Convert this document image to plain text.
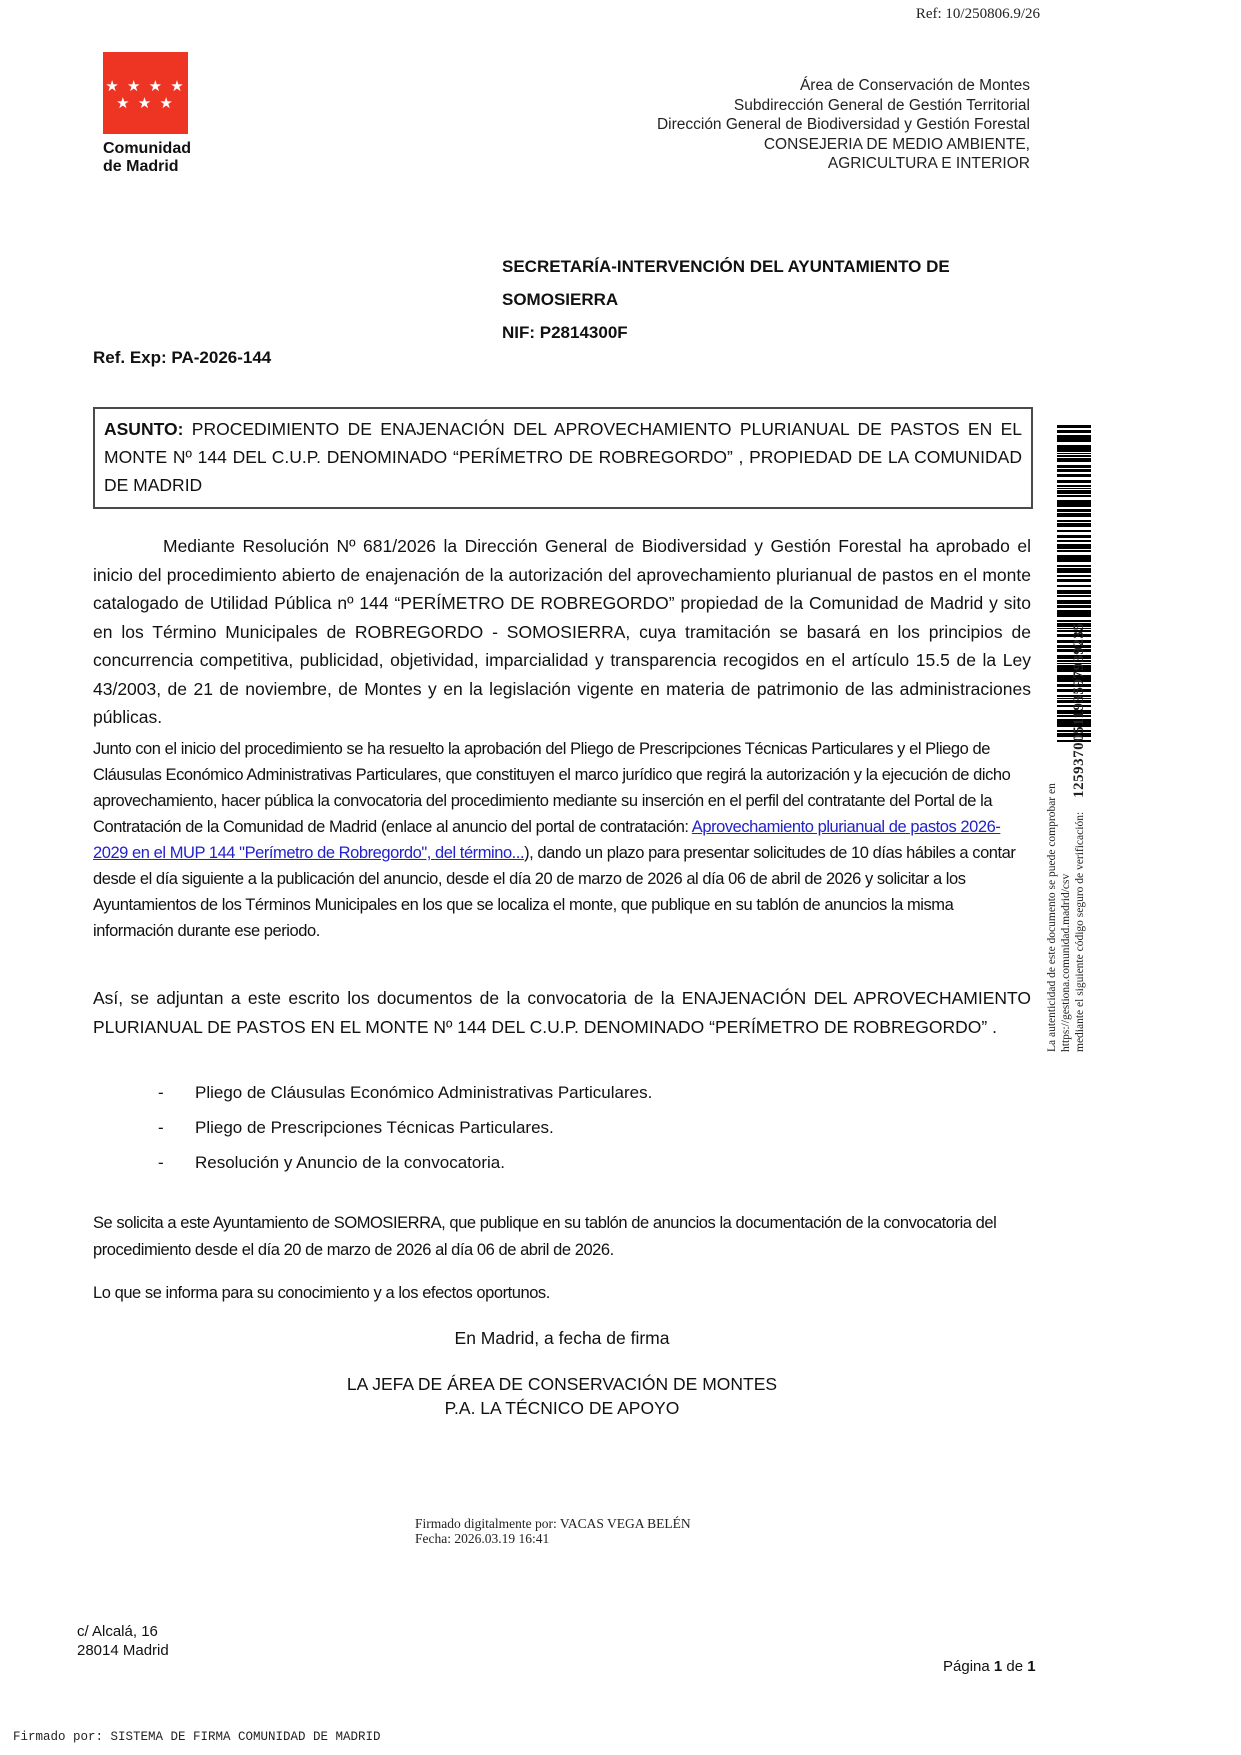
Ref: 10/250806.9/26
★ ★ ★ ★
★ ★ ★
Comunidad
de Madrid
Área de Conservación de Montes
Subdirección General de Gestión Territorial
Dirección General de Biodiversidad y Gestión Forestal
CONSEJERIA DE MEDIO AMBIENTE,
AGRICULTURA E INTERIOR
SECRETARÍA-INTERVENCIÓN DEL AYUNTAMIENTO DE
SOMOSIERRA
NIF: P2814300F
Ref. Exp: PA-2026-144
ASUNTO: PROCEDIMIENTO DE ENAJENACIÓN DEL APROVECHAMIENTO PLURIANUAL DE PASTOS EN EL MONTE Nº 144 DEL C.U.P. DENOMINADO “PERÍMETRO DE ROBREGORDO” , PROPIEDAD DE LA COMUNIDAD DE MADRID
Mediante Resolución Nº 681/2026 la Dirección General de Biodiversidad y Gestión Forestal ha aprobado el inicio del procedimiento abierto de enajenación de la autorización del aprovechamiento plurianual de pastos en el monte catalogado de Utilidad Pública nº 144 “PERÍMETRO DE ROBREGORDO” propiedad de la Comunidad de Madrid y sito en los Término Municipales de ROBREGORDO - SOMOSIERRA, cuya tramitación se basará en los principios de concurrencia competitiva, publicidad, objetividad, imparcialidad y transparencia recogidos en el artículo 15.5 de la Ley 43/2003, de 21 de noviembre, de Montes y en la legislación vigente en materia de patrimonio de las administraciones públicas.
Junto con el inicio del procedimiento se ha resuelto la aprobación del Pliego de Prescripciones Técnicas Particulares y el Pliego de Cláusulas Económico Administrativas Particulares, que constituyen el marco jurídico que regirá la autorización y la ejecución de dicho aprovechamiento, hacer pública la convocatoria del procedimiento mediante su inserción en el perfil del contratante del Portal de la Contratación de la Comunidad de Madrid (enlace al anuncio del portal de contratación: Aprovechamiento plurianual de pastos 2026-2029 en el MUP 144 "Perímetro de Robregordo", del término...), dando un plazo para presentar solicitudes de 10 días hábiles a contar desde el día siguiente a la publicación del anuncio, desde el día 20 de marzo de 2026 al día 06 de abril de 2026 y solicitar a los Ayuntamientos de los Términos Municipales en los que se localiza el monte, que publique en su tablón de anuncios la misma información durante ese periodo.
Así, se adjuntan a este escrito los documentos de la convocatoria de la ENAJENACIÓN DEL APROVECHAMIENTO PLURIANUAL DE PASTOS EN EL MONTE Nº 144 DEL C.U.P. DENOMINADO “PERÍMETRO DE ROBREGORDO” .
- Pliego de Cláusulas Económico Administrativas Particulares.
- Pliego de Prescripciones Técnicas Particulares.
- Resolución y Anuncio de la convocatoria.
Se solicita a este Ayuntamiento de SOMOSIERRA, que publique en su tablón de anuncios la documentación de la convocatoria del procedimiento desde el día 20 de marzo de 2026 al día 06 de abril de 2026.
Lo que se informa para su conocimiento y a los efectos oportunos.
En Madrid, a fecha de firma
LA JEFA DE ÁREA DE CONSERVACIÓN DE MONTES
P.A. LA TÉCNICO DE APOYO
Firmado digitalmente por: VACAS VEGA BELÉN
Fecha: 2026.03.19 16:41
c/ Alcalá, 16
28014 Madrid
Página 1 de 1
Firmado por: SISTEMA DE FIRMA COMUNIDAD DE MADRID
La autenticidad de este documento se puede comprobar en https://gestiona.comunidad.madrid/csv mediante el siguiente código seguro de verificación:1259370051193597939235
